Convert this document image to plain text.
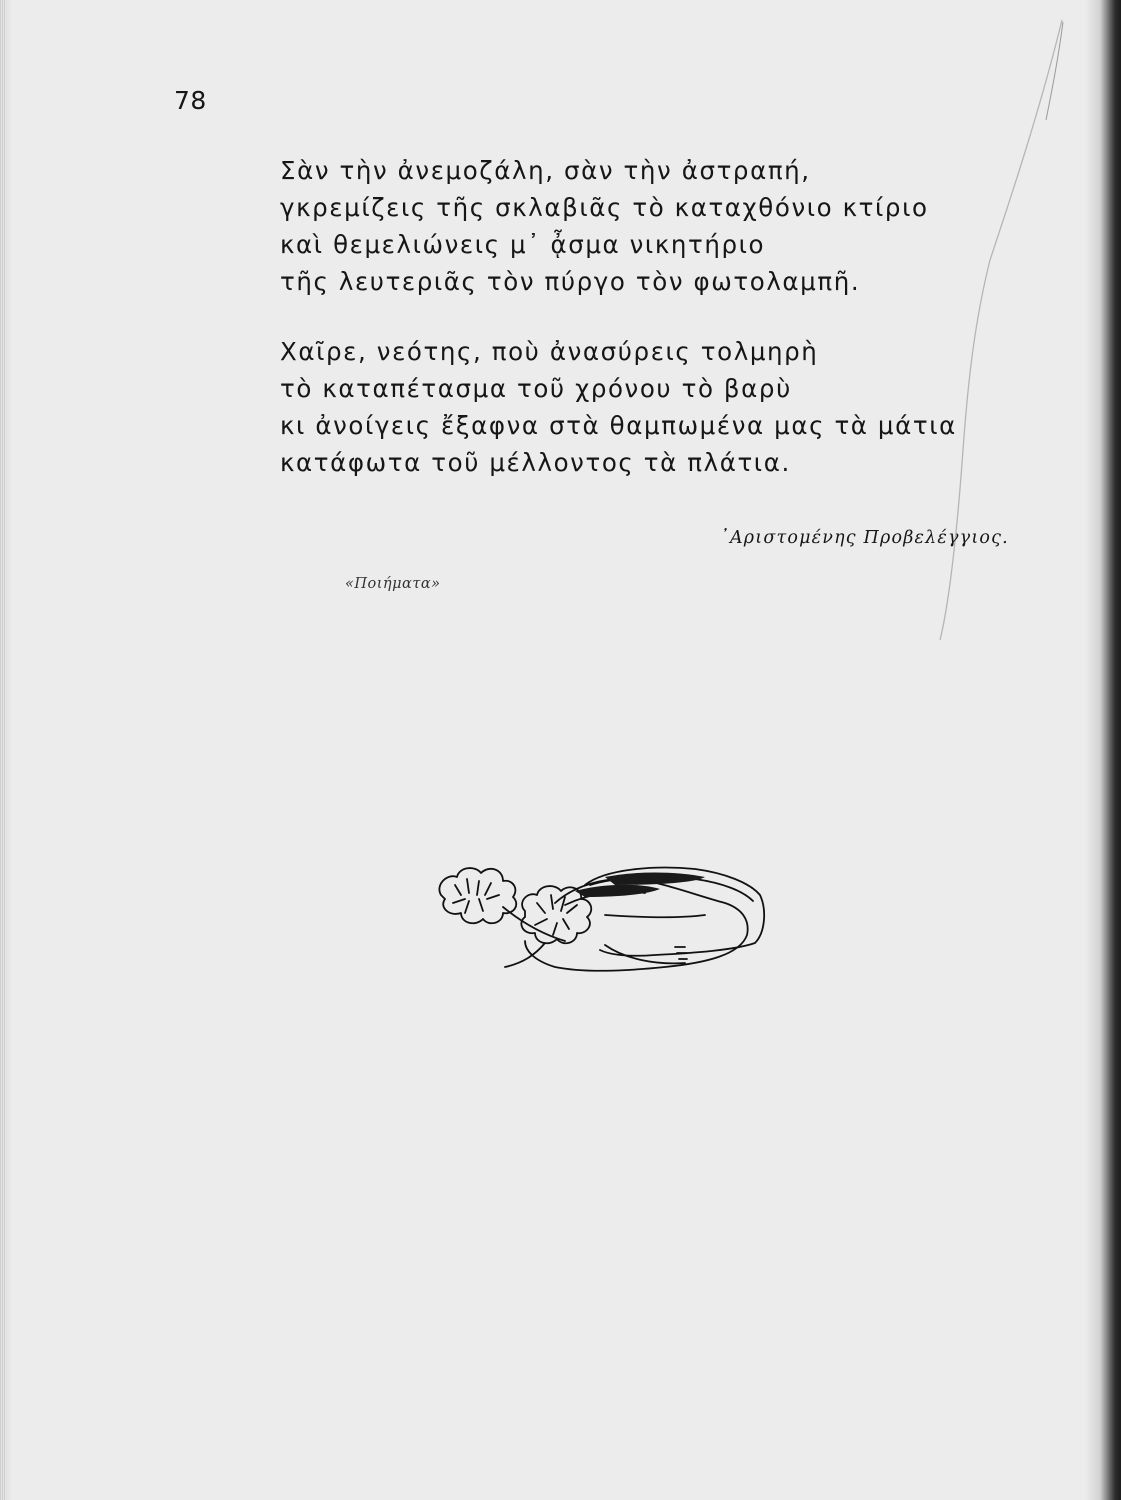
78
Σὰν τὴν ἀνεμοζάλη, σὰν τὴν ἀστραπή,
γκρεμίζεις τῆς σκλαβιᾶς τὸ καταχθόνιο κτίριο
καὶ θεμελιώνεις μ᾽ ᾆσμα νικητήριο
τῆς λευτεριᾶς τὸν πύργο τὸν φωτολαμπῆ.
Χαῖρε, νεότης, ποὺ ἀνασύρεις τολμηρὴ
τὸ καταπέτασμα τοῦ χρόνου τὸ βαρὺ
κι ἀνοίγεις ἔξαφνα στὰ θαμπωμένα μας τὰ μάτια
κατάφωτα τοῦ μέλλοντος τὰ πλάτια.
᾿Αριστομένης Προβελέγγιος.
«Ποιήματα»
